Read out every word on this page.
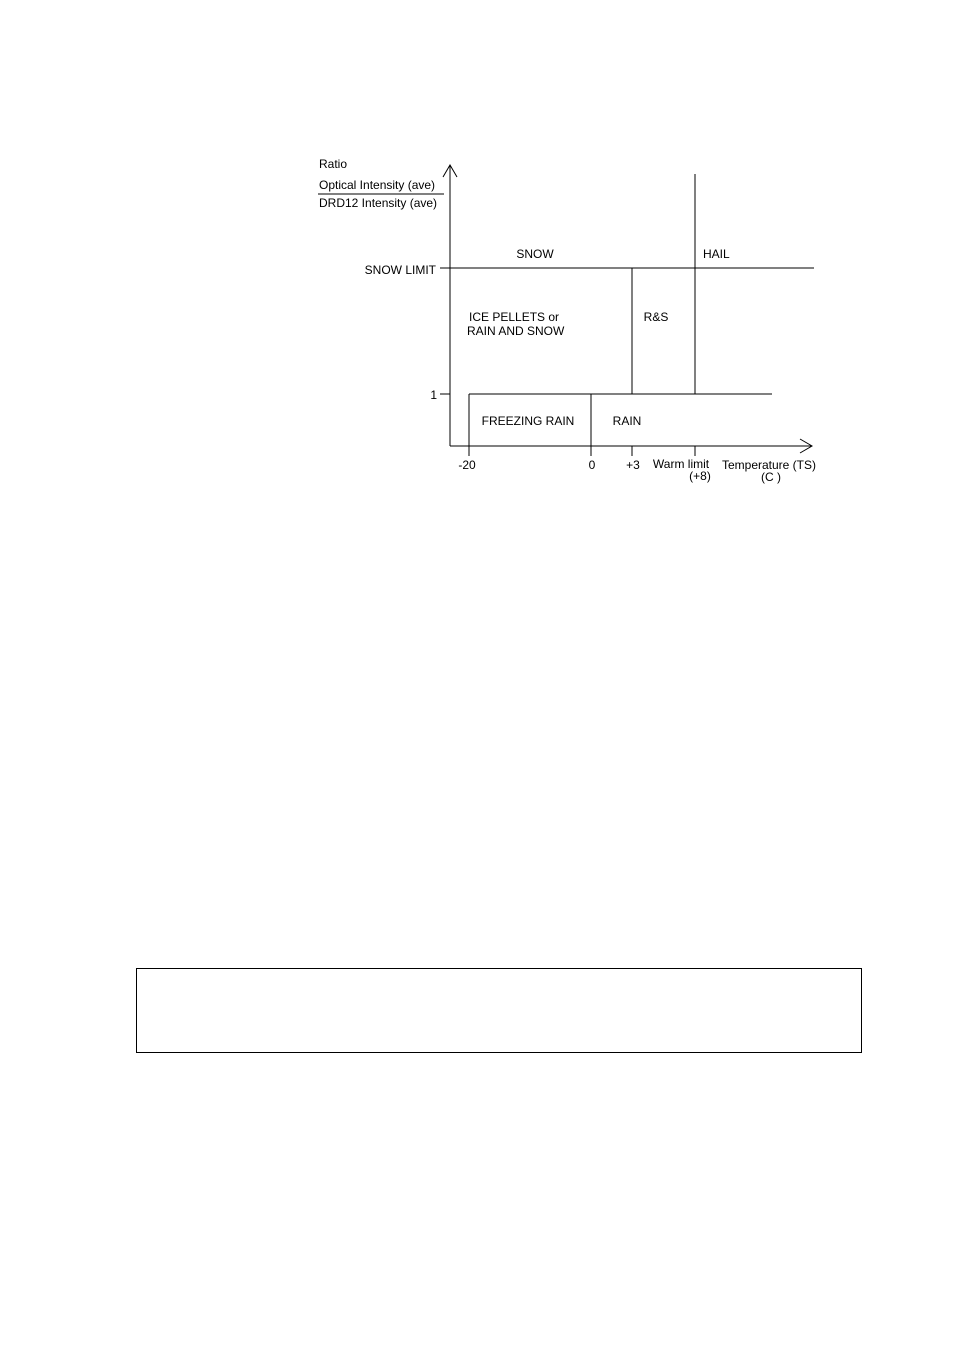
Ratio
Optical Intensity (ave)
DRD12 Intensity (ave)
SNOW LIMIT
1
-20	0	+3 Warm limit
(+8)
Temperature (TS)
(C )
SNOW	HAIL
ICE PELLETS or
RAIN AND SNOW
R&S
FREEZING RAIN	RAIN
